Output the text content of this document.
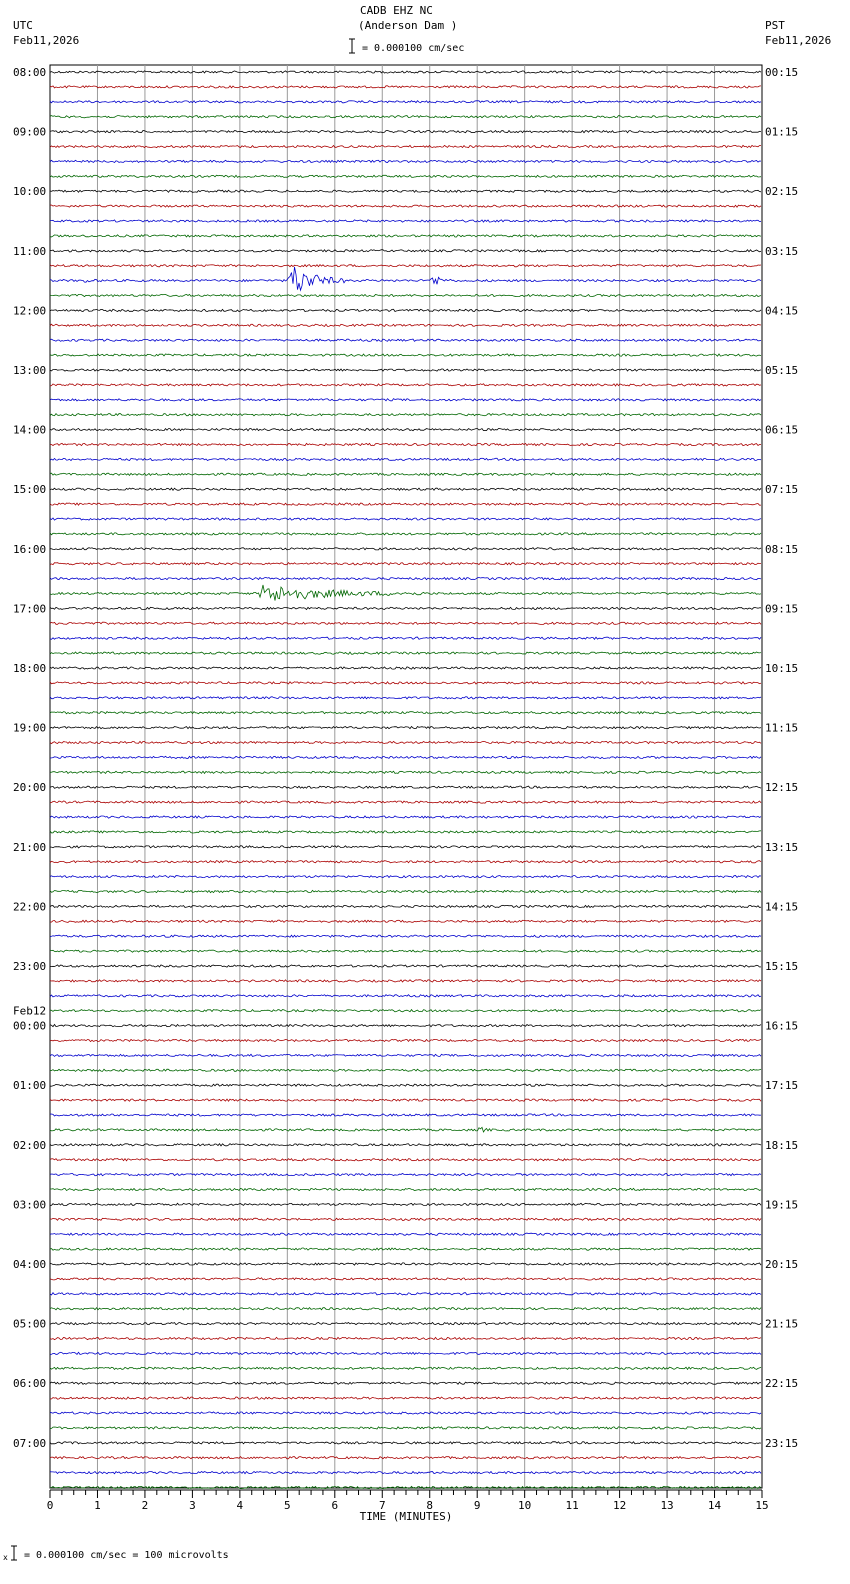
08:00	00:15
09:00	01:15
10:00	02:15
11:00	03:15
12:00	04:15
13:00	05:15
14:00	06:15
15:00	07:15
16:00	08:15
17:00	09:15
18:00	10:15
19:00	11:15
20:00	12:15
21:00	13:15
22:00	14:15
23:00	15:15
00:00	16:15
Feb12
01:00	17:15
02:00	18:15
03:00	19:15
04:00	20:15
05:00	21:15
06:00	22:15
07:00	23:15
0	1	2	3	4	5	6	7	8	9	10	11	12	13	14	15
TIME (MINUTES)
CADB EHZ NC
(Anderson Dam )
= 0.000100 cm/sec
UTC
Feb11,2026
PST
Feb11,2026
x = 0.000100 cm/sec = 100 microvolts
